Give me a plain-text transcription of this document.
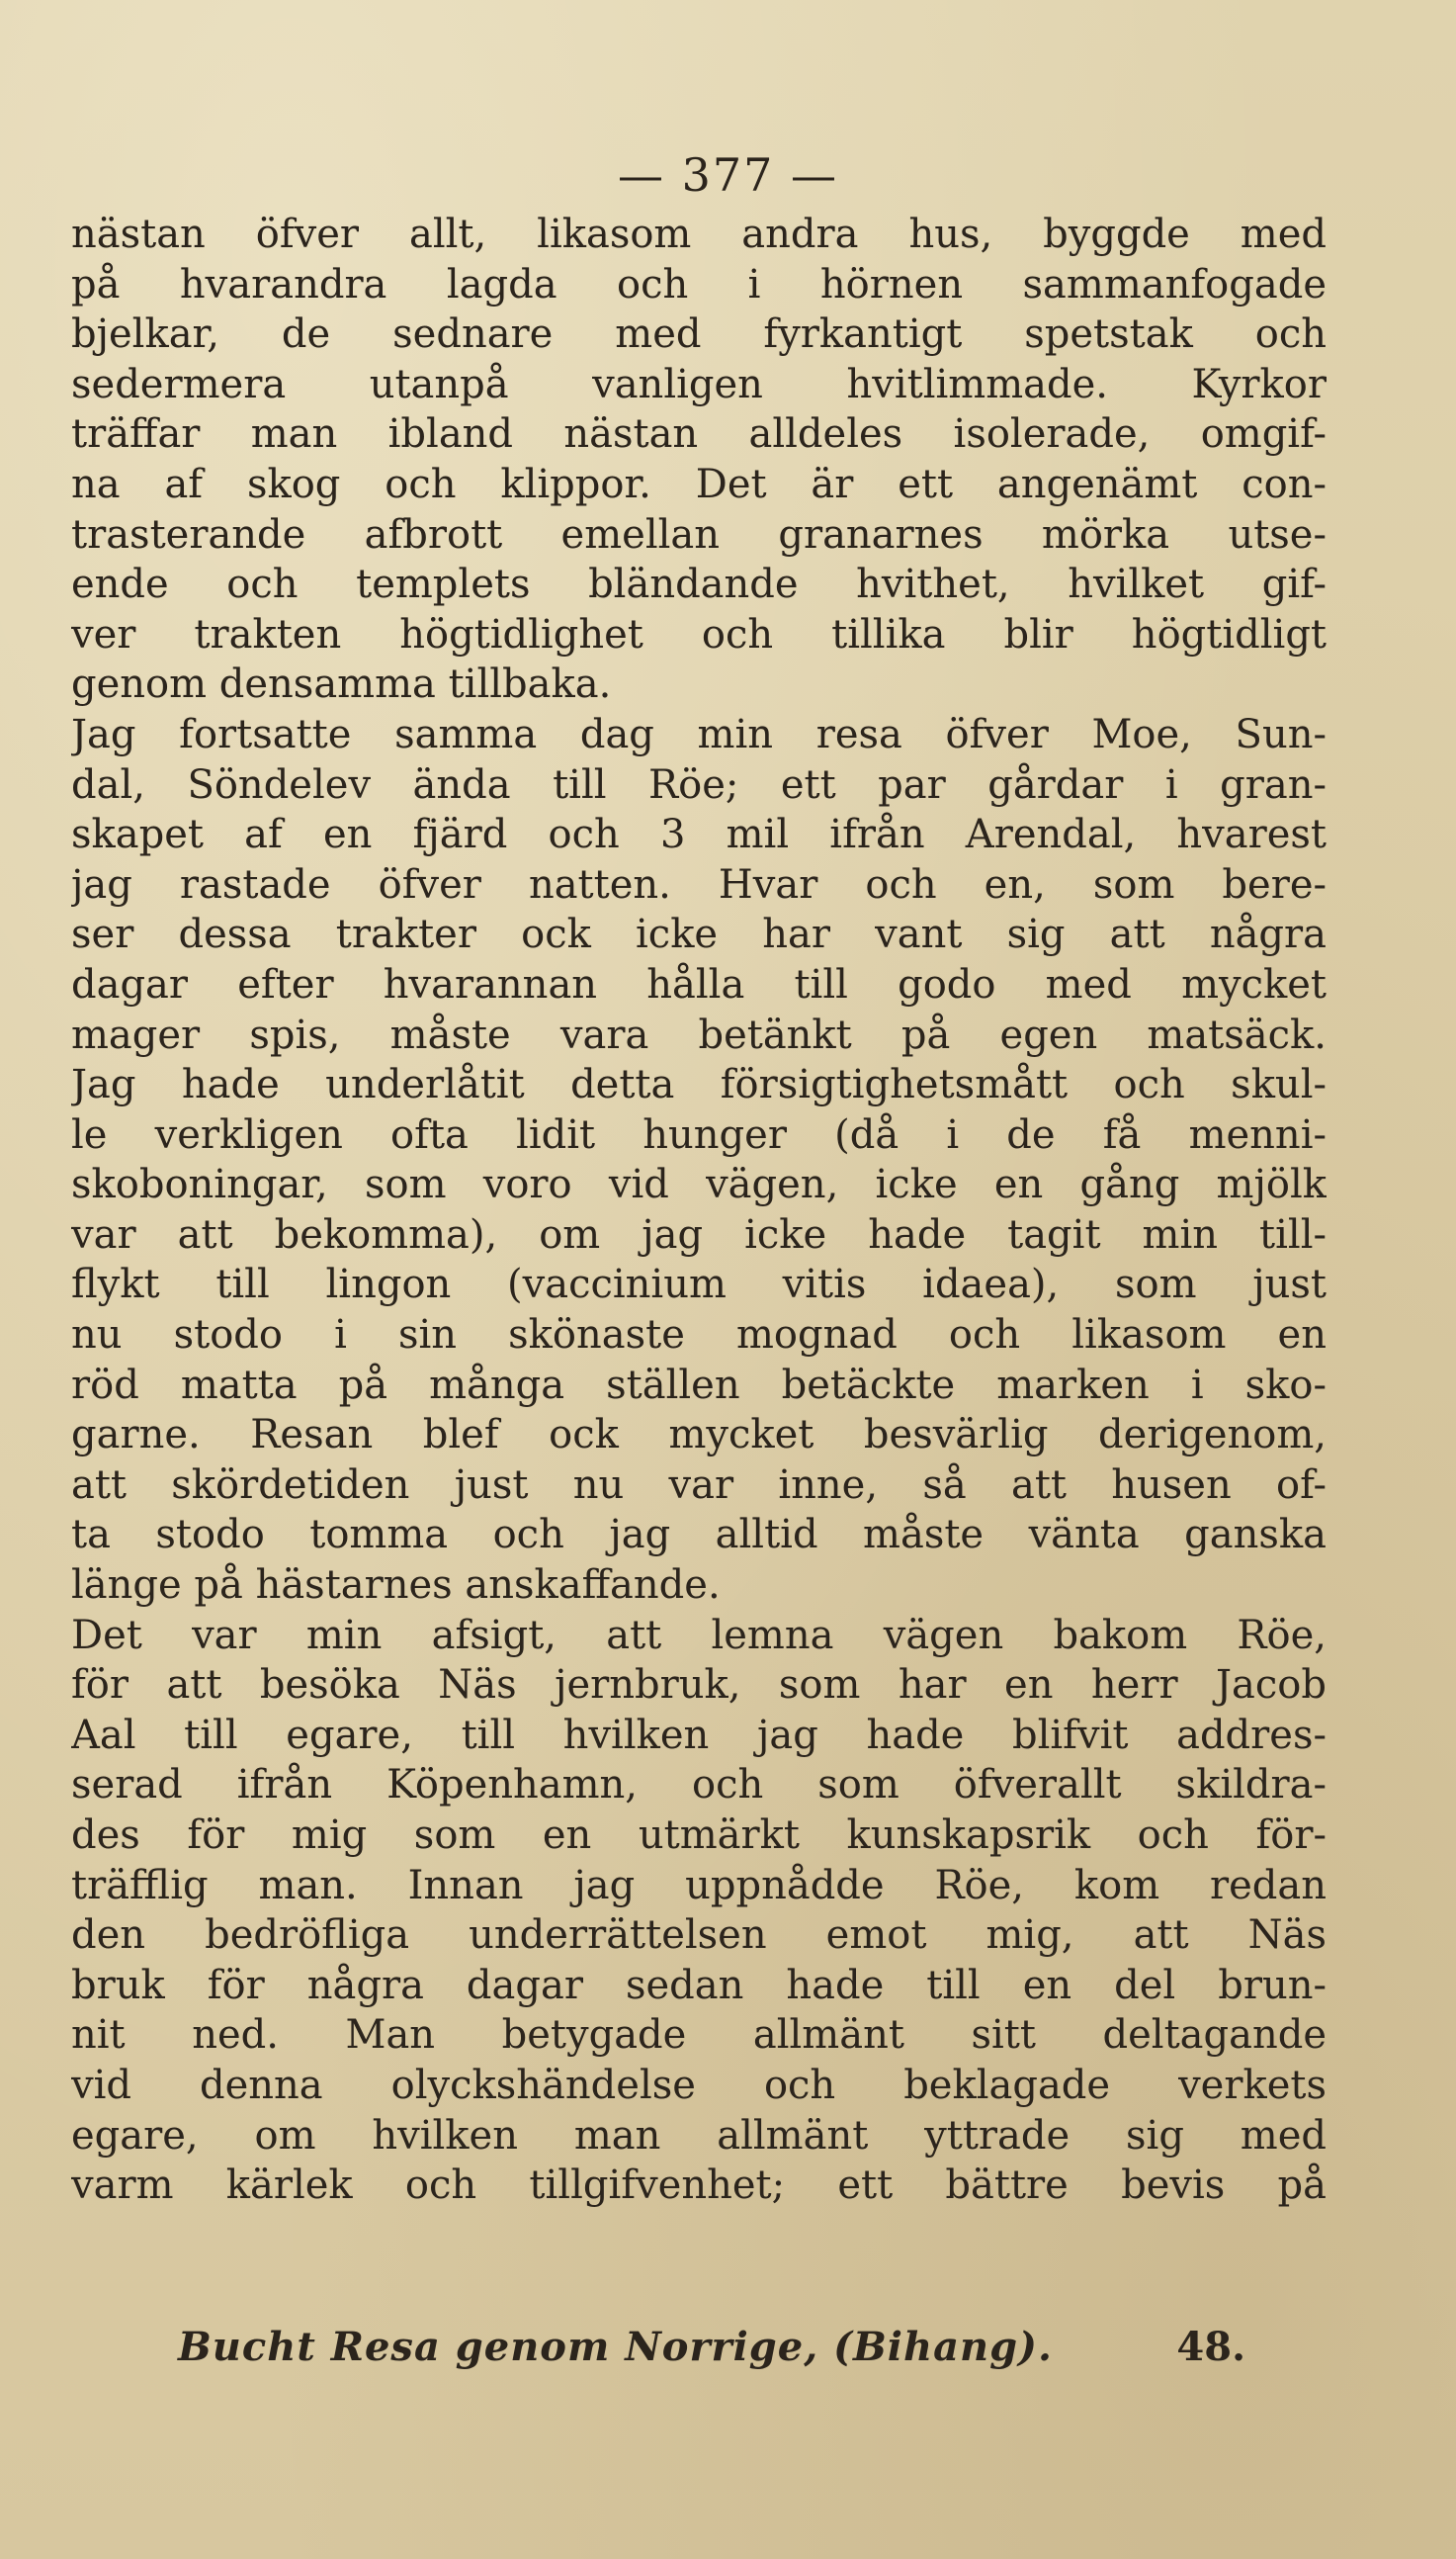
— 377 —
nästan öfver allt, likasom andra hus, byggde med
på hvarandra lagda och i hörnen sammanfogade
bjelkar, de sednare med fyrkantigt spetstak och
sedermera utanpå vanligen hvitlimmade. Kyrkor
träffar man ibland nästan alldeles isolerade, omgif-
na af skog och klippor. Det är ett angenämt con-
trasterande afbrott emellan granarnes mörka utse-
ende och templets bländande hvithet, hvilket gif-
ver trakten högtidlighet och tillika blir högtidligt
genom densamma tillbaka.
Jag fortsatte samma dag min resa öfver Moe, Sun-
dal, Söndelev ända till Röe; ett par gårdar i gran-
skapet af en fjärd och 3 mil ifrån Arendal, hvarest
jag rastade öfver natten. Hvar och en, som bere-
ser dessa trakter ock icke har vant sig att några
dagar efter hvarannan hålla till godo med mycket
mager spis, måste vara betänkt på egen matsäck.
Jag hade underlåtit detta försigtighetsmått och skul-
le verkligen ofta lidit hunger (då i de få menni-
skoboningar, som voro vid vägen, icke en gång mjölk
var att bekomma), om jag icke hade tagit min till-
flykt till lingon (vaccinium vitis idaea), som just
nu stodo i sin skönaste mognad och likasom en
röd matta på många ställen betäckte marken i sko-
garne. Resan blef ock mycket besvärlig derigenom,
att skördetiden just nu var inne, så att husen of-
ta stodo tomma och jag alltid måste vänta ganska
länge på hästarnes anskaffande.
Det var min afsigt, att lemna vägen bakom Röe,
för att besöka Näs jernbruk, som har en herr Jacob
Aal till egare, till hvilken jag hade blifvit addres-
serad ifrån Köpenhamn, och som öfverallt skildra-
des för mig som en utmärkt kunskapsrik och för-
träfflig man. Innan jag uppnådde Röe, kom redan
den bedröfliga underrättelsen emot mig, att Näs
bruk för några dagar sedan hade till en del brun-
nit ned. Man betygade allmänt sitt deltagande
vid denna olyckshändelse och beklagade verkets
egare, om hvilken man allmänt yttrade sig med
varm kärlek och tillgifvenhet; ett bättre bevis på
Bucht Resa genom Norrige, (Bihang).	48.
